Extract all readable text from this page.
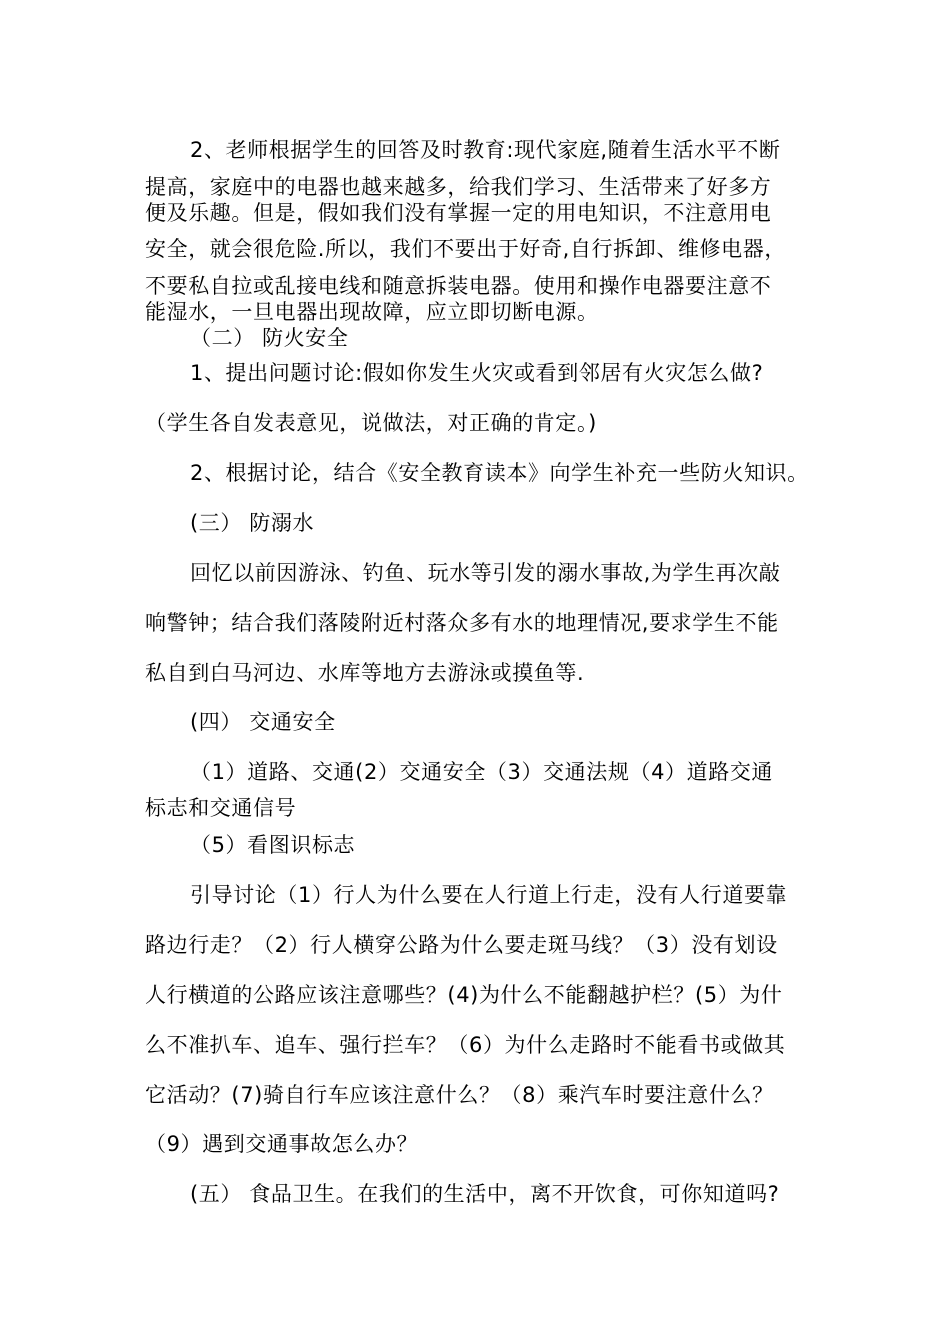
2、老师根据学生的回答及时教育:现代家庭,随着生活水平不断

提高，家庭中的电器也越来越多，给我们学习、生活带来了好多方

便及乐趣。但是，假如我们没有掌握一定的用电知识，不注意用电

安全，就会很危险.所以，我们不要出于好奇,自行拆卸、维修电器，

不要私自拉或乱接电线和随意拆装电器。使用和操作电器要注意不

能湿水，一旦电器出现故障，应立即切断电源。

（二） 防火安全

1、提出问题讨论:假如你发生火灾或看到邻居有火灾怎么做?

（学生各自发表意见，说做法，对正确的肯定。)

2、根据讨论，结合《安全教育读本》向学生补充一些防火知识。

(三） 防溺水

回忆以前因游泳、钓鱼、玩水等引发的溺水事故,为学生再次敲

响警钟；结合我们落陵附近村落众多有水的地理情况,要求学生不能

私自到白马河边、水库等地方去游泳或摸鱼等.

(四） 交通安全

（1）道路、交通(2）交通安全（3）交通法规（4）道路交通

标志和交通信号

（5）看图识标志

引导讨论（1）行人为什么要在人行道上行走，没有人行道要靠

路边行走？（2）行人横穿公路为什么要走斑马线？（3）没有划设

人行横道的公路应该注意哪些？(4)为什么不能翻越护栏？(5）为什

么不准扒车、追车、强行拦车？（6）为什么走路时不能看书或做其

它活动？(7)骑自行车应该注意什么？（8）乘汽车时要注意什么？

（9）遇到交通事故怎么办？

(五） 食品卫生。在我们的生活中，离不开饮食，可你知道吗?
